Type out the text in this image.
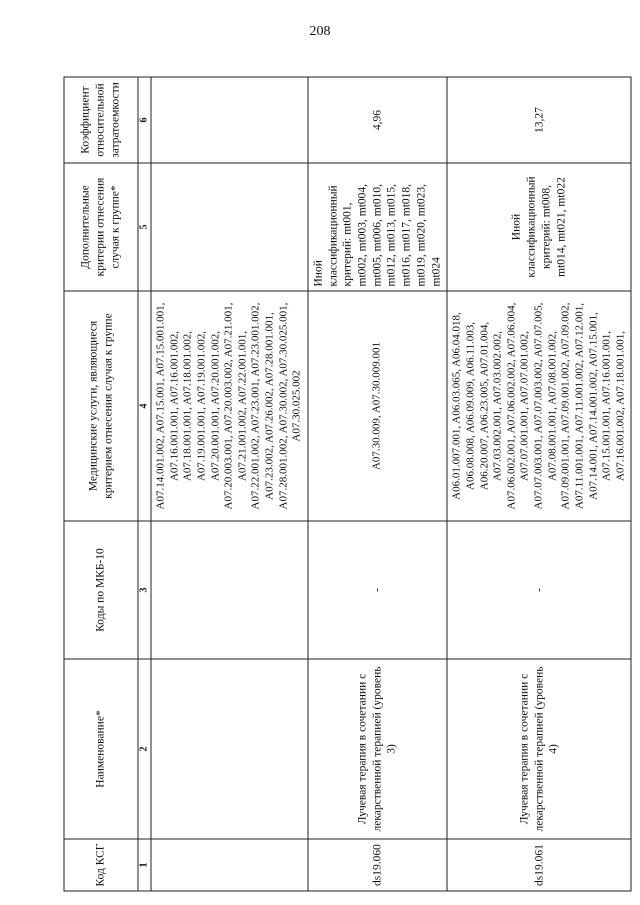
208
Код КСГ	Наименование*	Коды по МКБ-10	Медицинские услуги, являющиеся критерием отнесения случая к группе	Дополнительные критерии отнесения случая к группе*	Коэффициент относительной затратоемкости
1	2	3	4	5	6
			A07.14.001.002, A07.15.001, A07.15.001.001, A07.16.001.001, A07.16.001.002, A07.18.001.001, A07.18.001.002, A07.19.001.001, A07.19.001.002, A07.20.001.001, A07.20.001.002, A07.20.003.001, A07.20.003.002, A07.21.001, A07.21.001.002, A07.22.001.001, A07.22.001.002, A07.23.001, A07.23.001.002, A07.23.002, A07.26.002, A07.28.001.001, A07.28.001.002, A07.30.002, A07.30.025.001, A07.30.025.002		
ds19.060	Лучевая терапия в сочетании с лекарственной терапией (уровень 3)	-	A07.30.009, A07.30.009.001	Иной классификационный критерий: mt001, mt002, mt003, mt004, mt005, mt006, mt010, mt012, mt013, mt015, mt016, mt017, mt018, mt019, mt020, mt023, mt024	4,96
ds19.061	Лучевая терапия в сочетании с лекарственной терапией (уровень 4)	-	A06.01.007.001, A06.03.065, A06.04.018, A06.08.008, A06.09.009, A06.11.003, A06.20.007, A06.23.005, A07.01.004, A07.03.002.001, A07.03.002.002, A07.06.002.001, A07.06.002.002, A07.06.004, A07.07.001.001, A07.07.001.002, A07.07.003.001, A07.07.003.002, A07.07.005, A07.08.001.001, A07.08.001.002, A07.09.001.001, A07.09.001.002, A07.09.002, A07.11.001.001, A07.11.001.002, A07.12.001, A07.14.001, A07.14.001.002, A07.15.001, A07.15.001.001, A07.16.001.001, A07.16.001.002, A07.18.001.001,	Иной классификационный критерий: mt008, mt014, mt021, mt022	13,27
